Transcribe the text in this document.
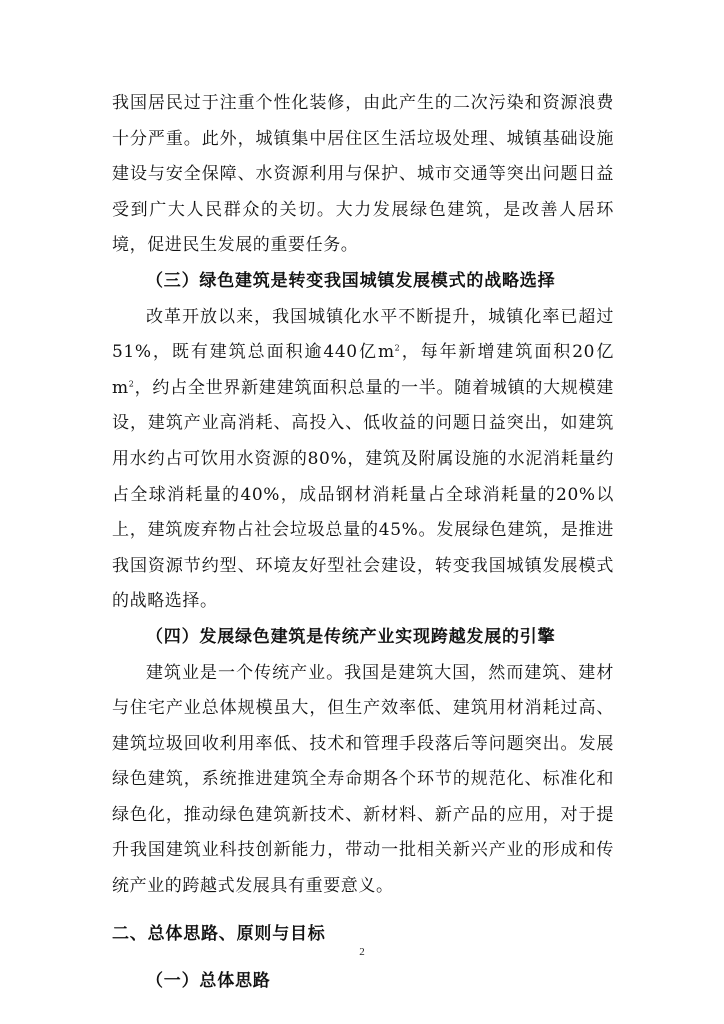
我国居民过于注重个性化装修，由此产生的二次污染和资源浪费十分严重。此外，城镇集中居住区生活垃圾处理、城镇基础设施建设与安全保障、水资源利用与保护、城市交通等突出问题日益受到广大人民群众的关切。大力发展绿色建筑，是改善人居环境，促进民生发展的重要任务。

（三）绿色建筑是转变我国城镇发展模式的战略选择

改革开放以来，我国城镇化水平不断提升，城镇化率已超过51%，既有建筑总面积逾440亿$m^2$，每年新增建筑面积20亿$m^2$，约占全世界新建建筑面积总量的一半。随着城镇的大规模建设，建筑产业高消耗、高投入、低收益的问题日益突出，如建筑用水约占可饮用水资源的80%，建筑及附属设施的水泥消耗量约占全球消耗量的40%，成品钢材消耗量占全球消耗量的20%以上，建筑废弃物占社会垃圾总量的45%。发展绿色建筑，是推进我国资源节约型、环境友好型社会建设，转变我国城镇发展模式的战略选择。

（四）发展绿色建筑是传统产业实现跨越发展的引擎

建筑业是一个传统产业。我国是建筑大国，然而建筑、建材与住宅产业总体规模虽大，但生产效率低、建筑用材消耗过高、建筑垃圾回收利用率低、技术和管理手段落后等问题突出。发展绿色建筑，系统推进建筑全寿命期各个环节的规范化、标准化和绿色化，推动绿色建筑新技术、新材料、新产品的应用，对于提升我国建筑业科技创新能力，带动一批相关新兴产业的形成和传统产业的跨越式发展具有重要意义。

二、总体思路、原则与目标

（一）总体思路

2
